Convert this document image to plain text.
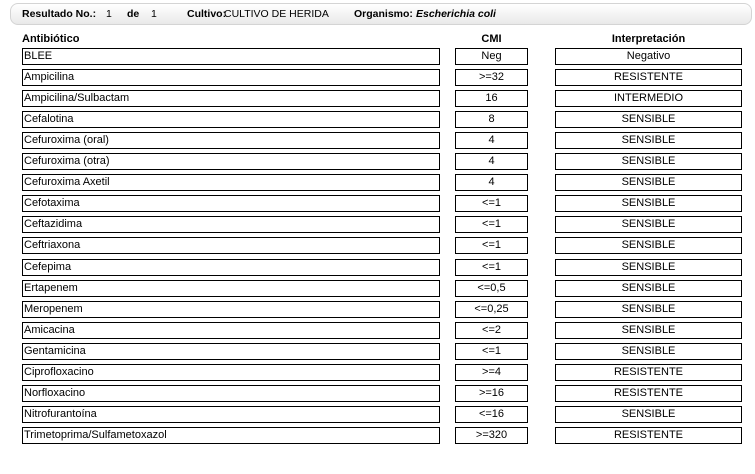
Resultado No.: 1 de 1	Cultivo:
CULTIVO DE HERIDA Organismo: Escherichia coli
Antibiótico	CMI	Interpretación
BLEE	Neg	Negativo
Ampicilina	>=32	RESISTENTE
Ampicilina/Sulbactam	16	INTERMEDIO
Cefalotina	8	SENSIBLE
Cefuroxima (oral)	4	SENSIBLE
Cefuroxima (otra)	4	SENSIBLE
Cefuroxima Axetil	4	SENSIBLE
Cefotaxima	<=1	SENSIBLE
Ceftazidima	<=1	SENSIBLE
Ceftriaxona	<=1	SENSIBLE
Cefepima	<=1	SENSIBLE
Ertapenem	<=0,5	SENSIBLE
Meropenem	<=0,25	SENSIBLE
Amicacina	<=2	SENSIBLE
Gentamicina	<=1	SENSIBLE
Ciprofloxacino	>=4	RESISTENTE
Norfloxacino	>=16	RESISTENTE
Nitrofurantoína	<=16	SENSIBLE
Trimetoprima/Sulfametoxazol	>=320	RESISTENTE
